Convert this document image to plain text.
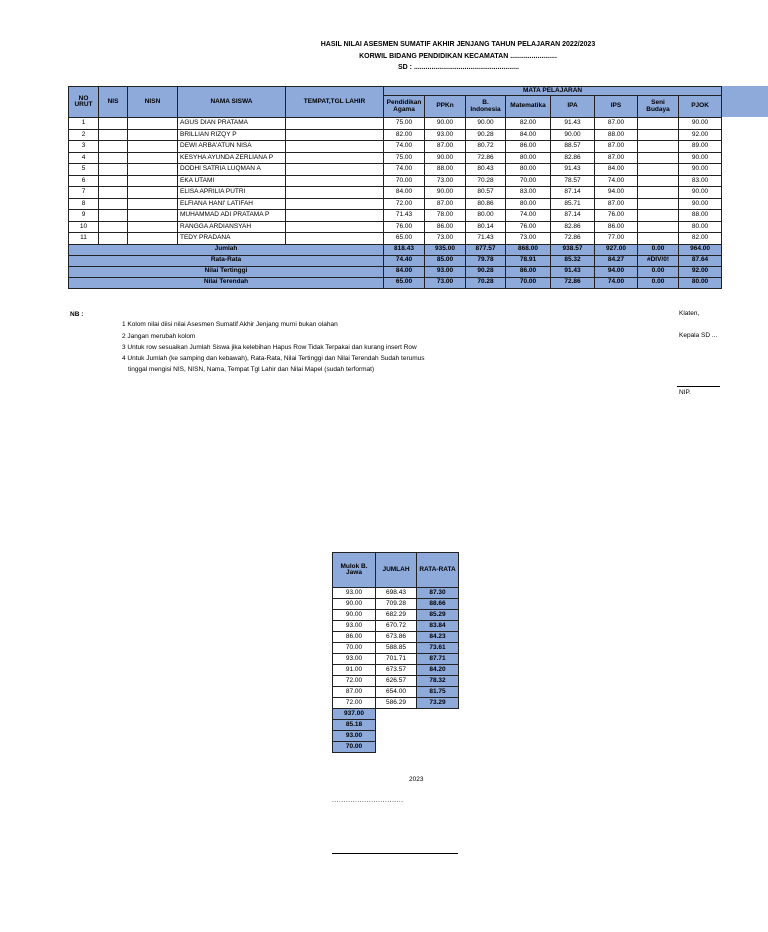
HASIL NILAI ASESMEN SUMATIF AKHIR JENJANG TAHUN PELAJARAN 2022/2023
KORWIL BIDANG PENDIDIKAN KECAMATAN ........................
SD : ......................................................
NO URUT	NIS	NISN	NAMA SISWA	TEMPAT,TGL LAHIR	MATA PELAJARAN							
					Pendidikan Agama	PPKn	B. Indonesia	Matematika	IPA	IPS	Seni Budaya	PJOK
1			AGUS DIAN PRATAMA		75.00	90.00	90.00	82.00	91.43	87.00		90.00
2			BRILLIAN RIZQY P		82.00	93.00	90.28	84.00	90.00	88.00		92.00
3			DEWI ARBA'ATUN NISA		74.00	87.00	80.72	86.00	88.57	87.00		89.00
4			KESYHA AYUNDA ZERLIANA P		75.00	90.00	72.86	80.00	82.86	87.00		90.00
5			DODHI SATRIA LUQMAN A		74.00	88.00	80.43	80.00	91.43	84.00		90.00
6			EKA UTAMI		70.00	73.00	70.28	70.00	78.57	74.00		83.00
7			ELISA APRILIA PUTRI		84.00	90.00	80.57	83.00	87.14	94.00		90.00
8			ELFIANA HANI' LATIFAH		72.00	87.00	80.86	80.00	85.71	87.00		90.00
9			MUHAMMAD ADI PRATAMA P		71.43	78.00	80.00	74.00	87.14	76.00		88.00
10			RANGGA ARDIANSYAH		76.00	86.00	80.14	76.00	82.86	86.00		80.00
11			TEDY PRADANA		65.00	73.00	71.43	73.00	72.86	77.00		82.00
Jumlah					818.43	935.00	877.57	868.00	938.57	927.00	0.00	964.00
Rata-Rata					74.40	85.00	79.78	78.91	85.32	84.27	#DIV/0!	87.64
Nilai Tertinggi					84.00	93.00	90.28	86.00	91.43	94.00	0.00	92.00
Nilai Terendah					65.00	73.00	70.28	70.00	72.86	74.00	0.00	80.00
NB :
1 Kolom nilai diisi nilai Asesmen Sumatif Akhir Jenjang murni bukan olahan
2 Jangan merubah kolom
3 Untuk row sesuaikan Jumlah Siswa jika kelebihan Hapus Row Tidak Terpakai dan kurang insert Row
4 Untuk Jumlah (ke samping dan kebawah), Rata-Rata, Nilai Tertinggi dan Nilai Terendah Sudah terumus
tinggal mengisi NIS, NISN, Nama, Tempat Tgl Lahir dan Nilai Mapel (sudah terformat)
Klaten,
Kepala SD ...
NIP.
Mulok B. Jawa	JUMLAH	RATA-RATA
93.00	698.43	87.30
90.00	709.28	88.66
90.00	682.29	85.29
93.00	670.72	83.84
86.00	673.86	84.23
70.00	588.85	73.61
93.00	701.71	87.71
91.00	673.57	84.20
72.00	626.57	78.32
87.00	654.00	81.75
72.00	586.29	73.29
937.00		
85.18		
93.00		
70.00		
2023
...............................
